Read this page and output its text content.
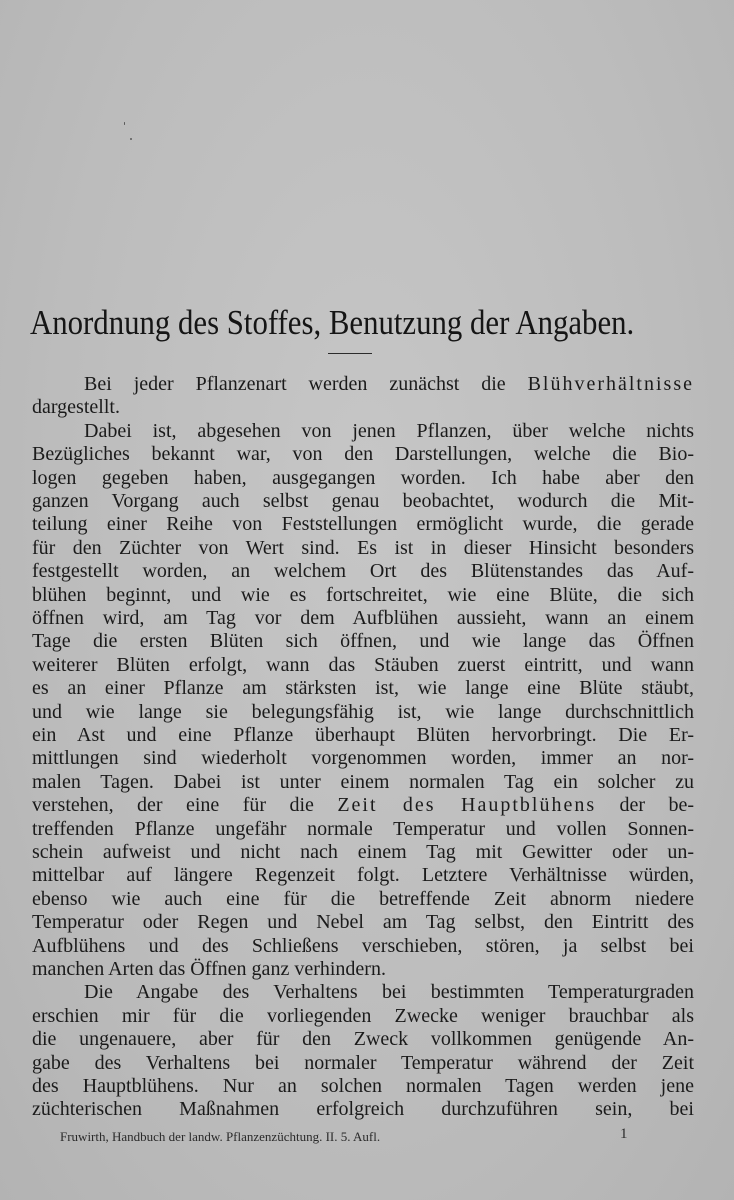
Anordnung des Stoffes, Benutzung der Angaben.
Bei jeder Pflanzenart werden zunächst die Blühverhältnisse
dargestellt.
Dabei ist, abgesehen von jenen Pflanzen, über welche nichts
Bezügliches bekannt war, von den Darstellungen, welche die Bio-
logen gegeben haben, ausgegangen worden. Ich habe aber den
ganzen Vorgang auch selbst genau beobachtet, wodurch die Mit-
teilung einer Reihe von Feststellungen ermöglicht wurde, die gerade
für den Züchter von Wert sind. Es ist in dieser Hinsicht besonders
festgestellt worden, an welchem Ort des Blütenstandes das Auf-
blühen beginnt, und wie es fortschreitet, wie eine Blüte, die sich
öffnen wird, am Tag vor dem Aufblühen aussieht, wann an einem
Tage die ersten Blüten sich öffnen, und wie lange das Öffnen
weiterer Blüten erfolgt, wann das Stäuben zuerst eintritt, und wann
es an einer Pflanze am stärksten ist, wie lange eine Blüte stäubt,
und wie lange sie belegungsfähig ist, wie lange durchschnittlich
ein Ast und eine Pflanze überhaupt Blüten hervorbringt. Die Er-
mittlungen sind wiederholt vorgenommen worden, immer an nor-
malen Tagen. Dabei ist unter einem normalen Tag ein solcher zu
verstehen, der eine für die Zeit des Hauptblühens der be-
treffenden Pflanze ungefähr normale Temperatur und vollen Sonnen-
schein aufweist und nicht nach einem Tag mit Gewitter oder un-
mittelbar auf längere Regenzeit folgt. Letztere Verhältnisse würden,
ebenso wie auch eine für die betreffende Zeit abnorm niedere
Temperatur oder Regen und Nebel am Tag selbst, den Eintritt des
Aufblühens und des Schließens verschieben, stören, ja selbst bei
manchen Arten das Öffnen ganz verhindern.
Die Angabe des Verhaltens bei bestimmten Temperaturgraden
erschien mir für die vorliegenden Zwecke weniger brauchbar als
die ungenauere, aber für den Zweck vollkommen genügende An-
gabe des Verhaltens bei normaler Temperatur während der Zeit
des Hauptblühens. Nur an solchen normalen Tagen werden jene
züchterischen Maßnahmen erfolgreich durchzuführen sein, bei
Fruwirth, Handbuch der landw. Pflanzenzüchtung. II. 5. Aufl.	1
